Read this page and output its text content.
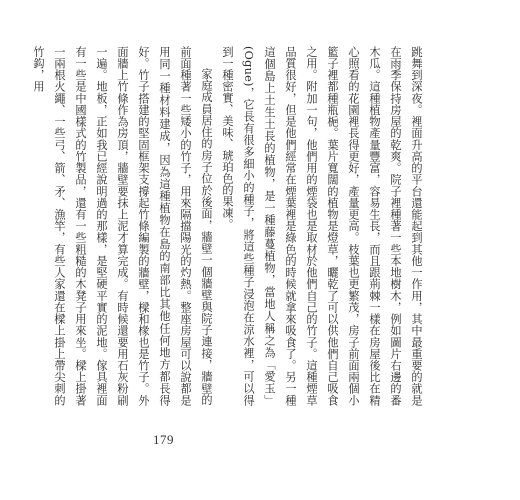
跳舞到深夜。裡面升高的平台還能起到其他一作用，其中最重要的就是在雨季保持房屋的乾爽。院子裡種著一些本地樹木，例如圖片右邊的番木瓜。這種植物產量豐富，容易生長，而且跟荊棘一樣在房屋後比在精心照看的花園裡長得更好，產量更高。枝葉也更繁茂，房子前面兩個小籃子裡都種瓶梔。葉片寬闊的植物是燈草，曬乾了可以供他們自己吸食之用。附加一句，他們用的煙袋也是取材於他們自己的竹子。這種煙草品質很好，但是他們經常在煙葉裡是綠色的時候就拿來吸食了。另一種這個島上土生土長的植物，是一種藤蔓植物，當地人稱之為「愛玉」(Ogue)，它長有很多細小的種子，將這些種子浸泡在涼水裡，可以得到一種密實、美味、琥珀色的果凍。

家庭成員居住的房子位於後面，牆壁一個牆壁與院子連接，牆壁的前面種著一些矮小的竹子，用來隔擋陽光的灼熱。整座房屋可以說都是用同一種材料建成，因為這種植物在島的南部比其他任何地方都長得好。竹子搭建的堅固框架支撐起竹條編製的牆壁，樑和椽也是竹子。外面牆上竹條作為房頂，牆壁要抹上泥才算完成。有時候還要用石灰粉刷一遍。地板，正如我已經說明過的那樣，是堅硬平實的泥地。傢具裡面有一些是中國樣式的竹製品，還有一些粗糙的木凳子用來坐。樑上掛著一兩根火繩、一些弓、箭、矛、漁竿，有些人家還在樑上掛上帶尖刺的竹鈎，用

179
